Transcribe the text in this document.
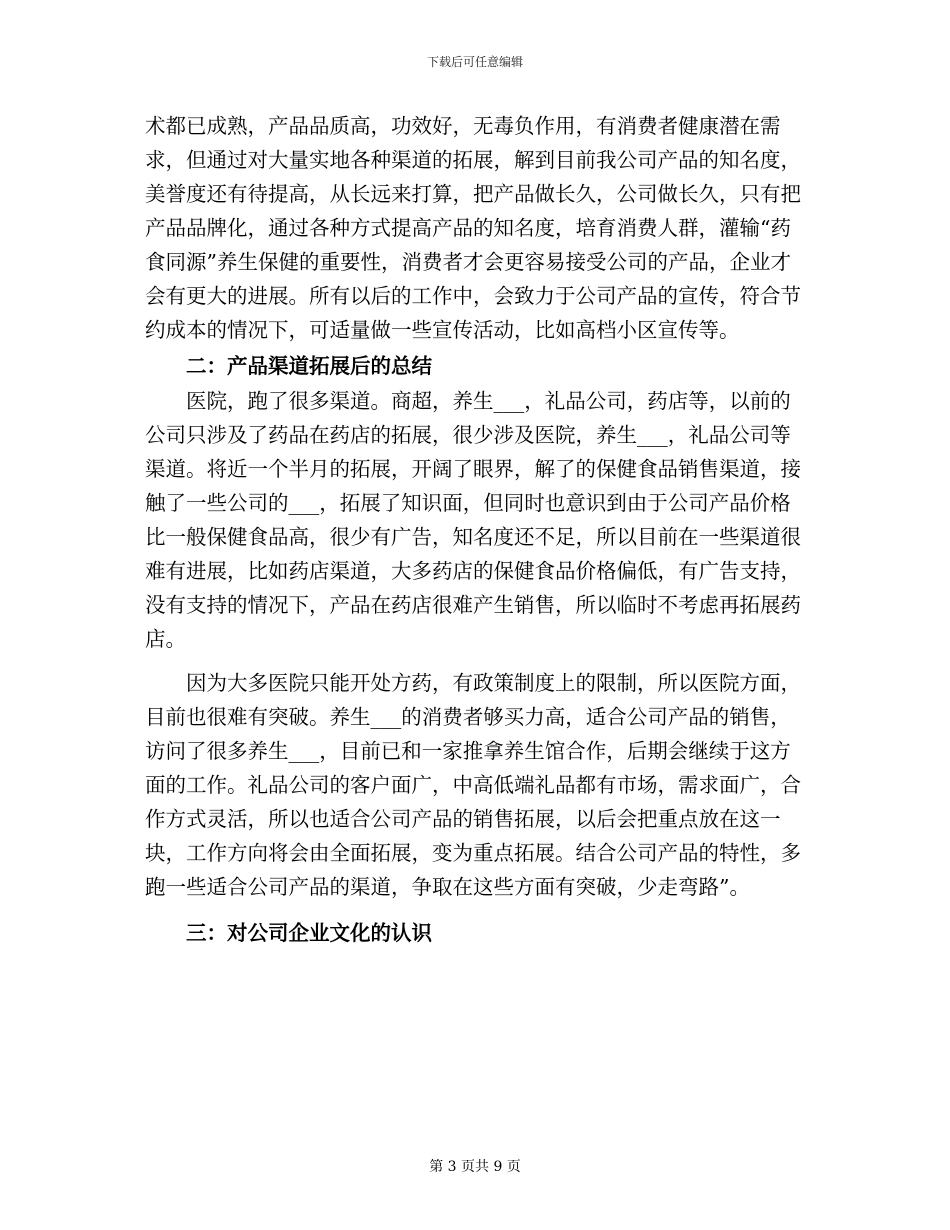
下载后可任意编辑

术都已成熟，产品品质高，功效好，无毒负作用，有消费者健康潜在需求，但通过对大量实地各种渠道的拓展，解到目前我公司产品的知名度，美誉度还有待提高，从长远来打算，把产品做长久，公司做长久，只有把产品品牌化，通过各种方式提高产品的知名度，培育消费人群，灌输“药食同源”养生保健的重要性，消费者才会更容易接受公司的产品，企业才会有更大的进展。所有以后的工作中，会致力于公司产品的宣传，符合节约成本的情况下，可适量做一些宣传活动，比如高档小区宣传等。

二：产品渠道拓展后的总结

医院，跑了很多渠道。商超，养生___，礼品公司，药店等，以前的公司只涉及了药品在药店的拓展，很少涉及医院，养生___，礼品公司等渠道。将近一个半月的拓展，开阔了眼界，解了的保健食品销售渠道，接触了一些公司的___，拓展了知识面，但同时也意识到由于公司产品价格比一般保健食品高，很少有广告，知名度还不足，所以目前在一些渠道很难有进展，比如药店渠道，大多药店的保健食品价格偏低，有广告支持，没有支持的情况下，产品在药店很难产生销售，所以临时不考虑再拓展药店。

因为大多医院只能开处方药，有政策制度上的限制，所以医院方面，目前也很难有突破。养生___的消费者够买力高，适合公司产品的销售，访问了很多养生___，目前已和一家推拿养生馆合作，后期会继续于这方面的工作。礼品公司的客户面广，中高低端礼品都有市场，需求面广，合作方式灵活，所以也适合公司产品的销售拓展，以后会把重点放在这一块，工作方向将会由全面拓展，变为重点拓展。结合公司产品的特性，多跑一些适合公司产品的渠道，争取在这些方面有突破，少走弯路”。

三：对公司企业文化的认识

第 3 页共 9 页
